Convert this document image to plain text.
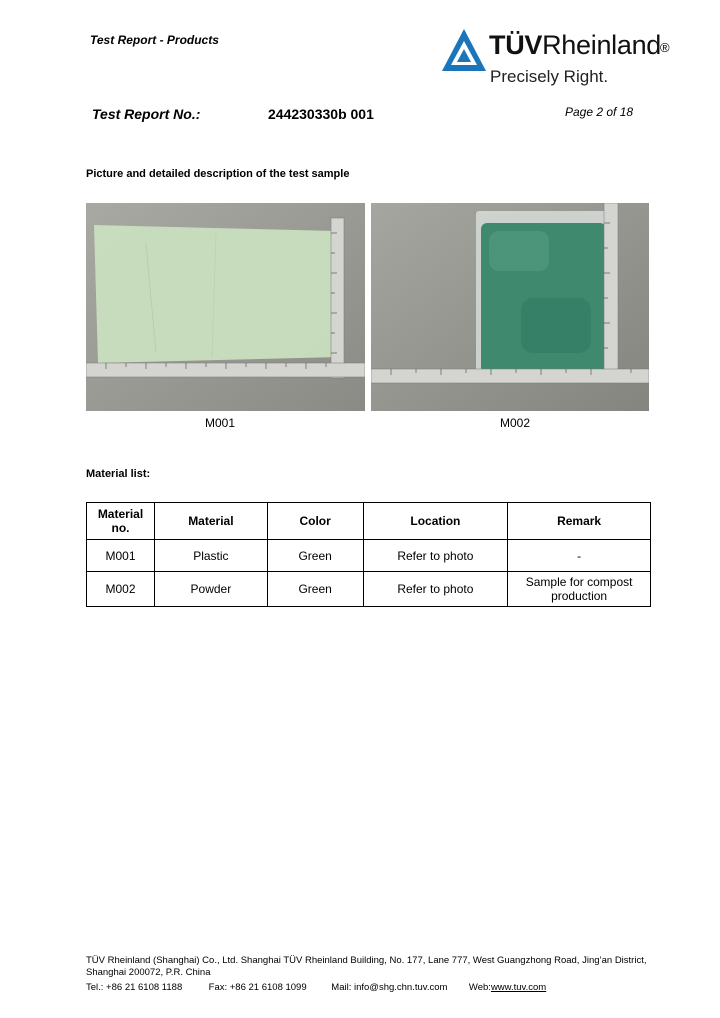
Test Report - Products	TÜVRheinland
®
Precisely Right.
Test Report No.:	244230330b 001	Page 2 of 18
Picture and detailed description of the test sample
M001	M002
Material list:
Material no.	Material	Color	Location	Remark
M001	Plastic	Green	Refer to photo	-
M002	Powder	Green	Refer to photo	Sample for compost production
TÜV Rheinland (Shanghai) Co., Ltd. Shanghai TÜV Rheinland Building, No. 177, Lane 777, West Guangzhong Road, Jing’an District, Shanghai 200072, P.R. China
Tel.: +86 21 6108 1188	Fax: +86 21 6108 1099	Mail: info@shg.chn.tuv.com Web:www.tuv.com
